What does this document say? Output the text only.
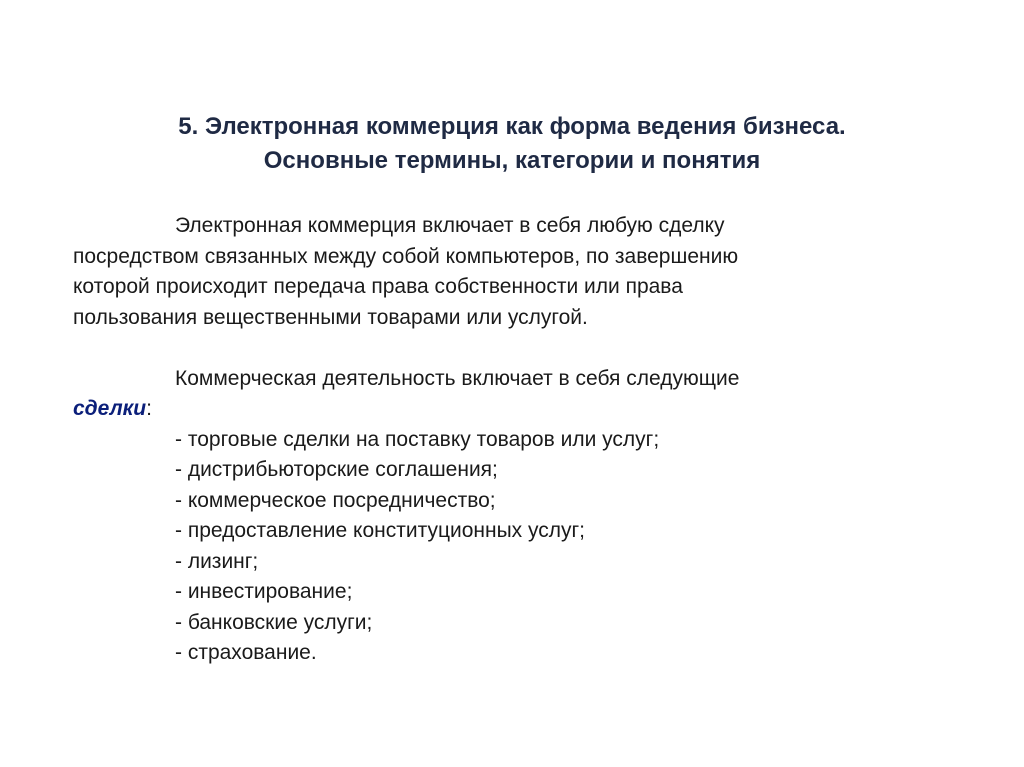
5. Электронная коммерция как форма ведения бизнеса.
Основные термины, категории и понятия
Электронная коммерция включает в себя любую сделку
посредством связанных между собой компьютеров, по завершению
которой происходит передача права собственности или права
пользования вещественными товарами или услугой.
Коммерческая деятельность включает в себя следующие
сделки:
- торговые сделки на поставку товаров или услуг;
- дистрибьюторские соглашения;
- коммерческое посредничество;
- предоставление конституционных услуг;
- лизинг;
- инвестирование;
- банковские услуги;
- страхование.
